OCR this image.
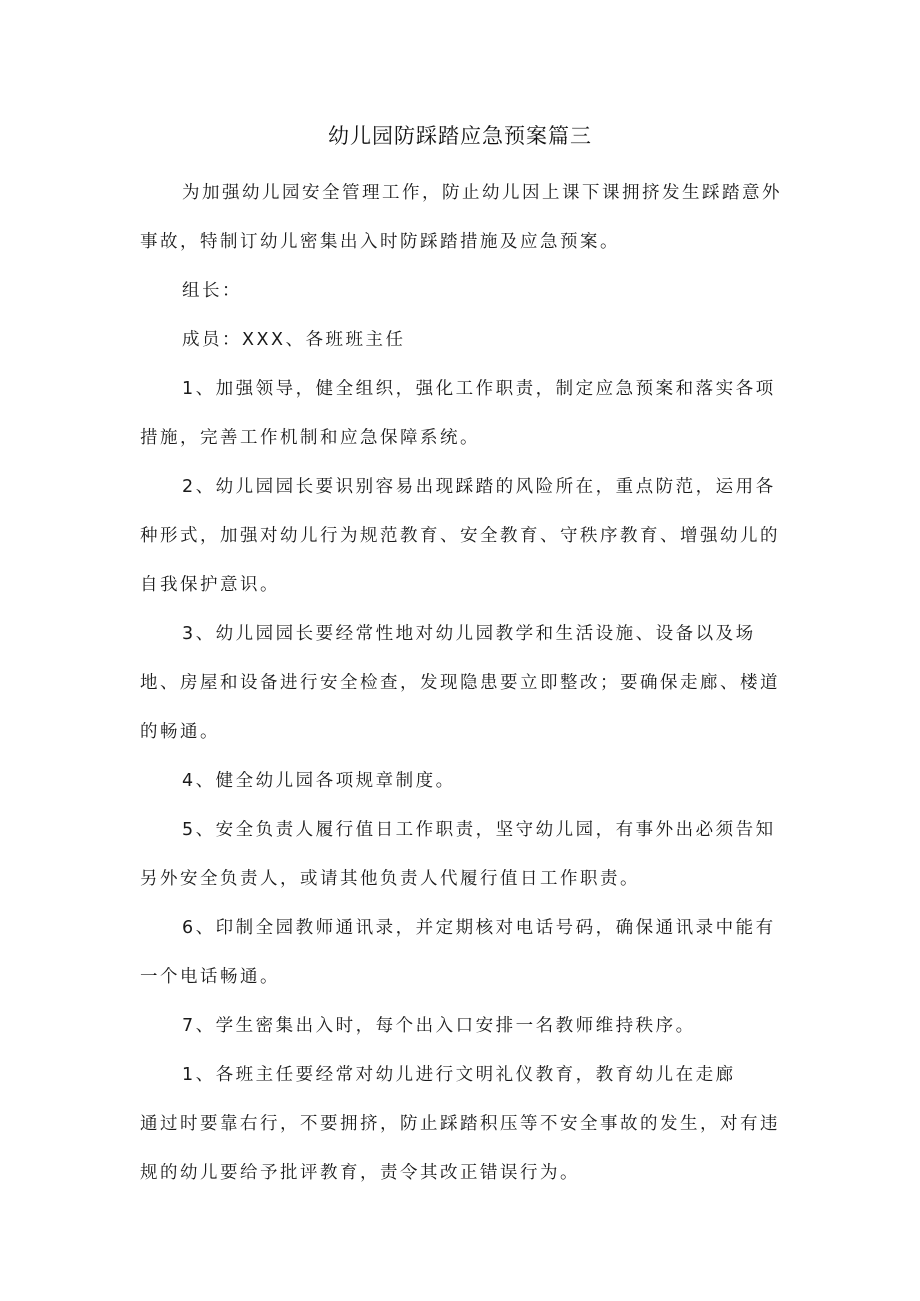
幼儿园防踩踏应急预案篇三

为加强幼儿园安全管理工作，防止幼儿因上课下课拥挤发生踩踏意外事故，特制订幼儿密集出入时防踩踏措施及应急预案。

组长：

成员：XXX、各班班主任

1、加强领导，健全组织，强化工作职责，制定应急预案和落实各项措施，完善工作机制和应急保障系统。

2、幼儿园园长要识别容易出现踩踏的风险所在，重点防范，运用各种形式，加强对幼儿行为规范教育、安全教育、守秩序教育、增强幼儿的自我保护意识。

3、幼儿园园长要经常性地对幼儿园教学和生活设施、设备以及场地、房屋和设备进行安全检查，发现隐患要立即整改；要确保走廊、楼道的畅通。

4、健全幼儿园各项规章制度。

5、安全负责人履行值日工作职责，坚守幼儿园，有事外出必须告知另外安全负责人，或请其他负责人代履行值日工作职责。

6、印制全园教师通讯录，并定期核对电话号码，确保通讯录中能有一个电话畅通。

7、学生密集出入时，每个出入口安排一名教师维持秩序。

1、各班主任要经常对幼儿进行文明礼仪教育，教育幼儿在走廊

通过时要靠右行，不要拥挤，防止踩踏积压等不安全事故的发生，对有违规的幼儿要给予批评教育，责令其改正错误行为。
